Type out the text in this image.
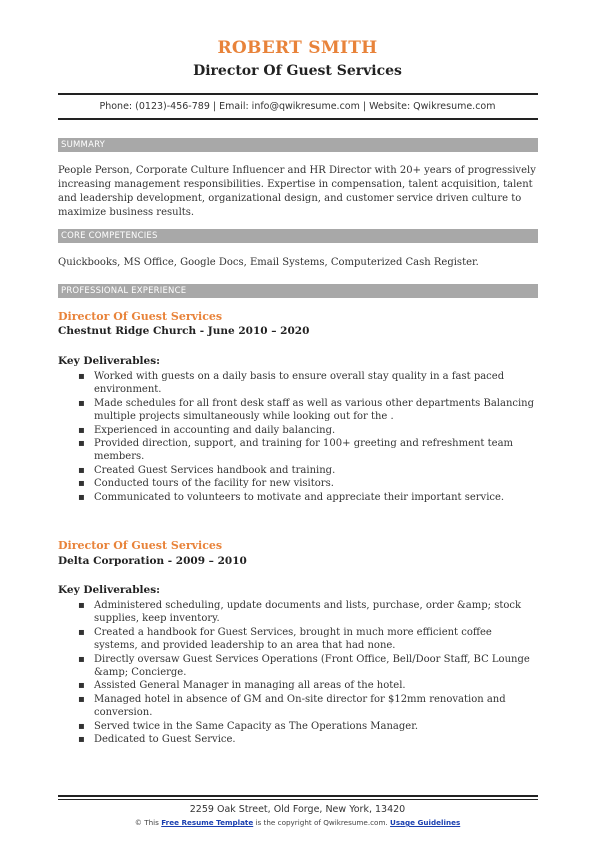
ROBERT SMITH
Director Of Guest Services
Phone: (0123)-456-789 | Email: info@qwikresume.com | Website: Qwikresume.com
SUMMARY

People Person, Corporate Culture Influencer and HR Director with 20+ years of progressively increasing management responsibilities. Expertise in compensation, talent acquisition, talent and leadership development, organizational design, and customer service driven culture to maximize business results.

CORE COMPETENCIES

Quickbooks, MS Office, Google Docs, Email Systems, Computerized Cash Register.

PROFESSIONAL EXPERIENCE
Director Of Guest Services
Chestnut Ridge Church - June 2010 – 2020
Key Deliverables:
▪ Worked with guests on a daily basis to ensure overall stay quality in a fast paced environment.
▪ Made schedules for all front desk staff as well as various other departments Balancing multiple projects simultaneously while looking out for the .
▪ Experienced in accounting and daily balancing.
▪ Provided direction, support, and training for 100+ greeting and refreshment team members.
▪ Created Guest Services handbook and training.
▪ Conducted tours of the facility for new visitors.
▪ Communicated to volunteers to motivate and appreciate their important service.
Director Of Guest Services
Delta Corporation - 2009 – 2010
Key Deliverables:
▪ Administered scheduling, update documents and lists, purchase, order &amp; stock supplies, keep inventory.
▪ Created a handbook for Guest Services, brought in much more efficient coffee systems, and provided leadership to an area that had none.
▪ Directly oversaw Guest Services Operations (Front Office, Bell/Door Staff, BC Lounge &amp; Concierge.
▪ Assisted General Manager in managing all areas of the hotel.
▪ Managed hotel in absence of GM and On-site director for $12mm renovation and conversion.
▪ Served twice in the Same Capacity as The Operations Manager.
▪ Dedicated to Guest Service.
2259 Oak Street, Old Forge, New York, 13420
© This Free Resume Template is the copyright of Qwikresume.com. Usage Guidelines
